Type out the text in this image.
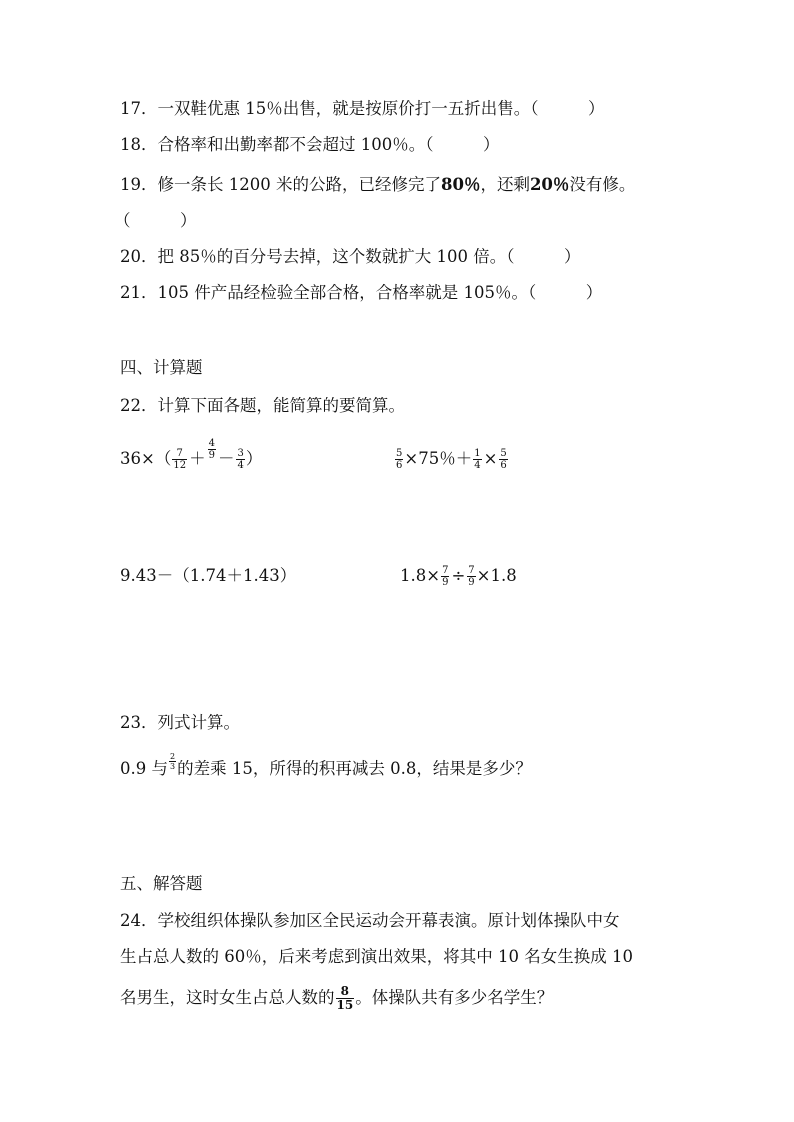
17．一双鞋优惠 15％出售，就是按原价打一五折出售。（　　　）
18．合格率和出勤率都不会超过 100％。（　　　）
19．修一条长 1200 米的公路，已经修完了80％，还剩20％没有修。
（　　　）
20．把 85％的百分号去掉，这个数就扩大 100 倍。（　　　）
21．105 件产品经检验全部合格，合格率就是 105％。（　　　）
四、计算题
22．计算下面各题，能简算的要简算。
$36\times( \frac{7}{12} + \frac{4}{9} - \frac{3}{4}$ ）	$\frac{5}{6} \times 75$％＋ $\frac{1}{4} \times \frac{5}{6}$
9.43－（1.74＋1.43）	$1.8\times \frac{7}{9} \div \frac{7}{9} \times 1.8$
23．列式计算。
0.9 与 $\frac{2}{3}$ 的差乘 15，所得的积再减去 0.8，结果是多少？
五、解答题
24．学校组织体操队参加区全民运动会开幕表演。原计划体操队中女
生占总人数的 60％，后来考虑到演出效果，将其中 10 名女生换成 10
名男生，这时女生占总人数的 $\frac{8}{15}$ 。体操队共有多少名学生？
